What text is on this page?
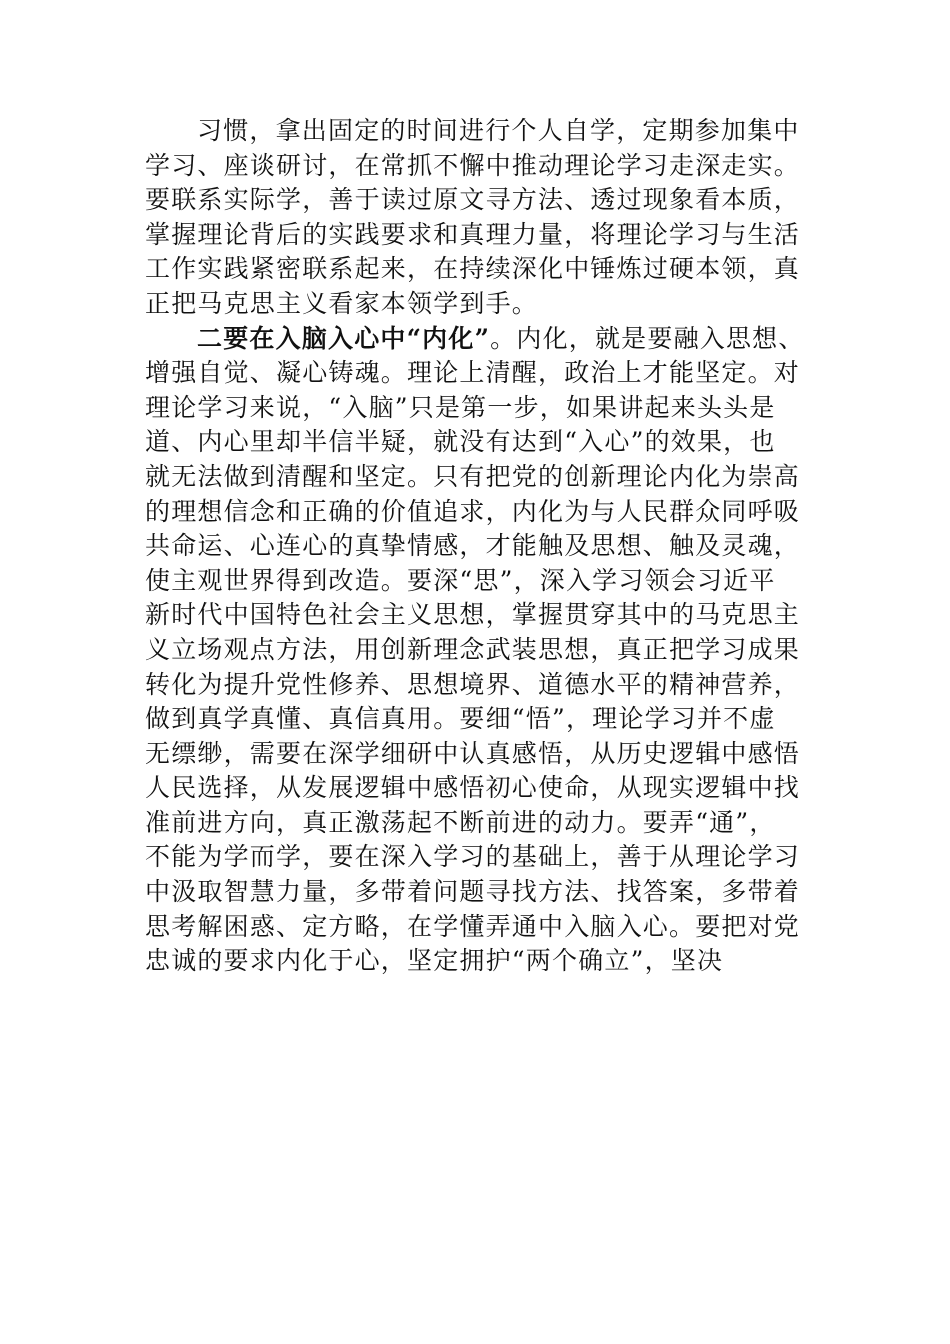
习惯，拿出固定的时间进行个人自学，定期参加集中
学习、座谈研讨，在常抓不懈中推动理论学习走深走实。
要联系实际学，善于读过原文寻方法、透过现象看本质，
掌握理论背后的实践要求和真理力量，将理论学习与生活
工作实践紧密联系起来，在持续深化中锤炼过硬本领，真
正把马克思主义看家本领学到手。
二要在入脑入心中“内化”。内化，就是要融入思想、
增强自觉、凝心铸魂。理论上清醒，政治上才能坚定。对
理论学习来说，“入脑”只是第一步，如果讲起来头头是
道、内心里却半信半疑，就没有达到“入心”的效果，也
就无法做到清醒和坚定。只有把党的创新理论内化为崇高
的理想信念和正确的价值追求，内化为与人民群众同呼吸
共命运、心连心的真挚情感，才能触及思想、触及灵魂，
使主观世界得到改造。要深“思”，深入学习领会习近平
新时代中国特色社会主义思想，掌握贯穿其中的马克思主
义立场观点方法，用创新理念武装思想，真正把学习成果
转化为提升党性修养、思想境界、道德水平的精神营养，
做到真学真懂、真信真用。要细“悟”，理论学习并不虚
无缥缈，需要在深学细研中认真感悟，从历史逻辑中感悟
人民选择，从发展逻辑中感悟初心使命，从现实逻辑中找
准前进方向，真正激荡起不断前进的动力。要弄“通”，
不能为学而学，要在深入学习的基础上，善于从理论学习
中汲取智慧力量，多带着问题寻找方法、找答案，多带着
思考解困惑、定方略，在学懂弄通中入脑入心。要把对党
忠诚的要求内化于心，坚定拥护“两个确立”，坚决
